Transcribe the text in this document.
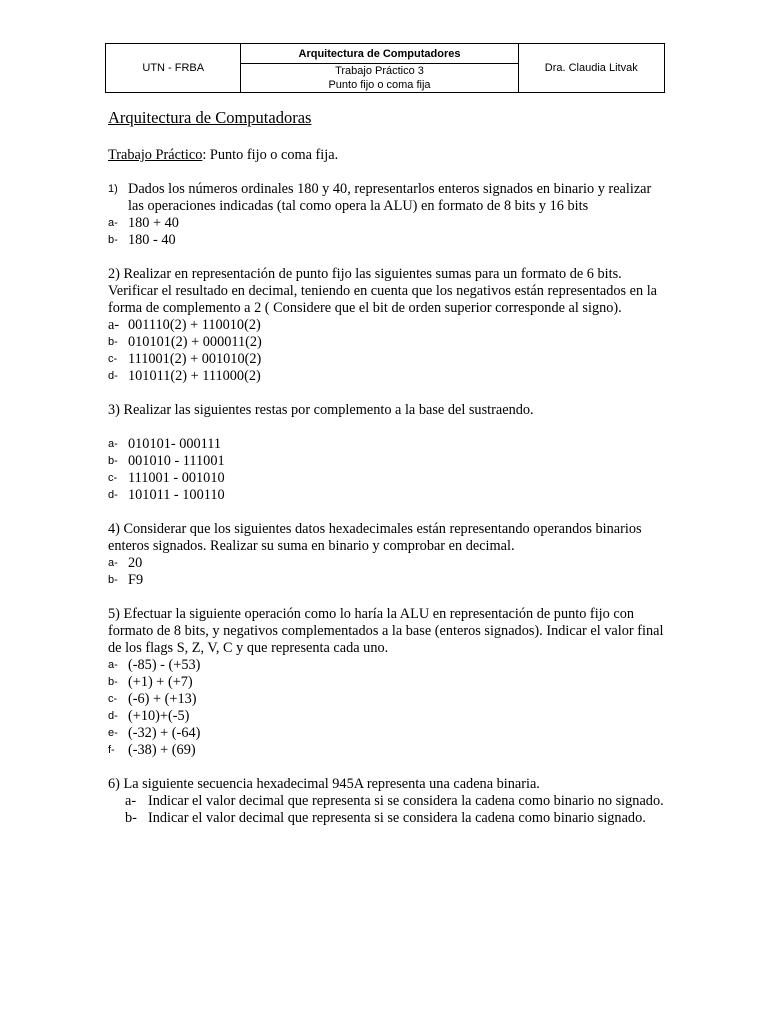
UTN - FRBA	Arquitectura de Computadores	Dra. Claudia Litvak

Trabajo Práctico 3
Punto fijo o coma fija
Arquitectura de Computadoras

Trabajo Práctico: Punto fijo o coma fija.

1) Dados los números ordinales 180 y 40, representarlos enteros signados en binario y realizar las operaciones indicadas (tal como opera la ALU) en formato de 8 bits y 16 bits
a- 180 + 40
b- 180 - 40

2) Realizar en representación de punto fijo las siguientes sumas para un formato de 6 bits. Verificar el resultado en decimal, teniendo en cuenta que los negativos están representados en la forma de complemento a 2 ( Considere que el bit de orden superior corresponde al signo).

a- 001110(2) + 110010(2)
b- 010101(2) + 000011(2)
c- 111001(2) + 001010(2)
d- 101011(2) + 111000(2)

3) Realizar las siguientes restas por complemento a la base del sustraendo.

a- 010101- 000111
b- 001010 - 111001
c- 111001 - 001010
d- 101011 - 100110

4) Considerar que los siguientes datos hexadecimales están representando operandos binarios enteros signados. Realizar su suma en binario y comprobar en decimal.

a- 20
b- F9

5) Efectuar la siguiente operación como lo haría la ALU en representación de punto fijo con formato de 8 bits, y negativos complementados a la base (enteros signados). Indicar el valor final de los flags S, Z, V, C y que representa cada uno.

a- (-85) - (+53)
b- (+1) + (+7)
c- (-6) + (+13)
d- (+10)+(-5)
e- (-32) + (-64)
f- (-38) + (69)

6) La siguiente secuencia hexadecimal 945A representa una cadena binaria.

a- Indicar el valor decimal que representa si se considera la cadena como binario no signado.
b- Indicar el valor decimal que representa si se considera la cadena como binario signado.
